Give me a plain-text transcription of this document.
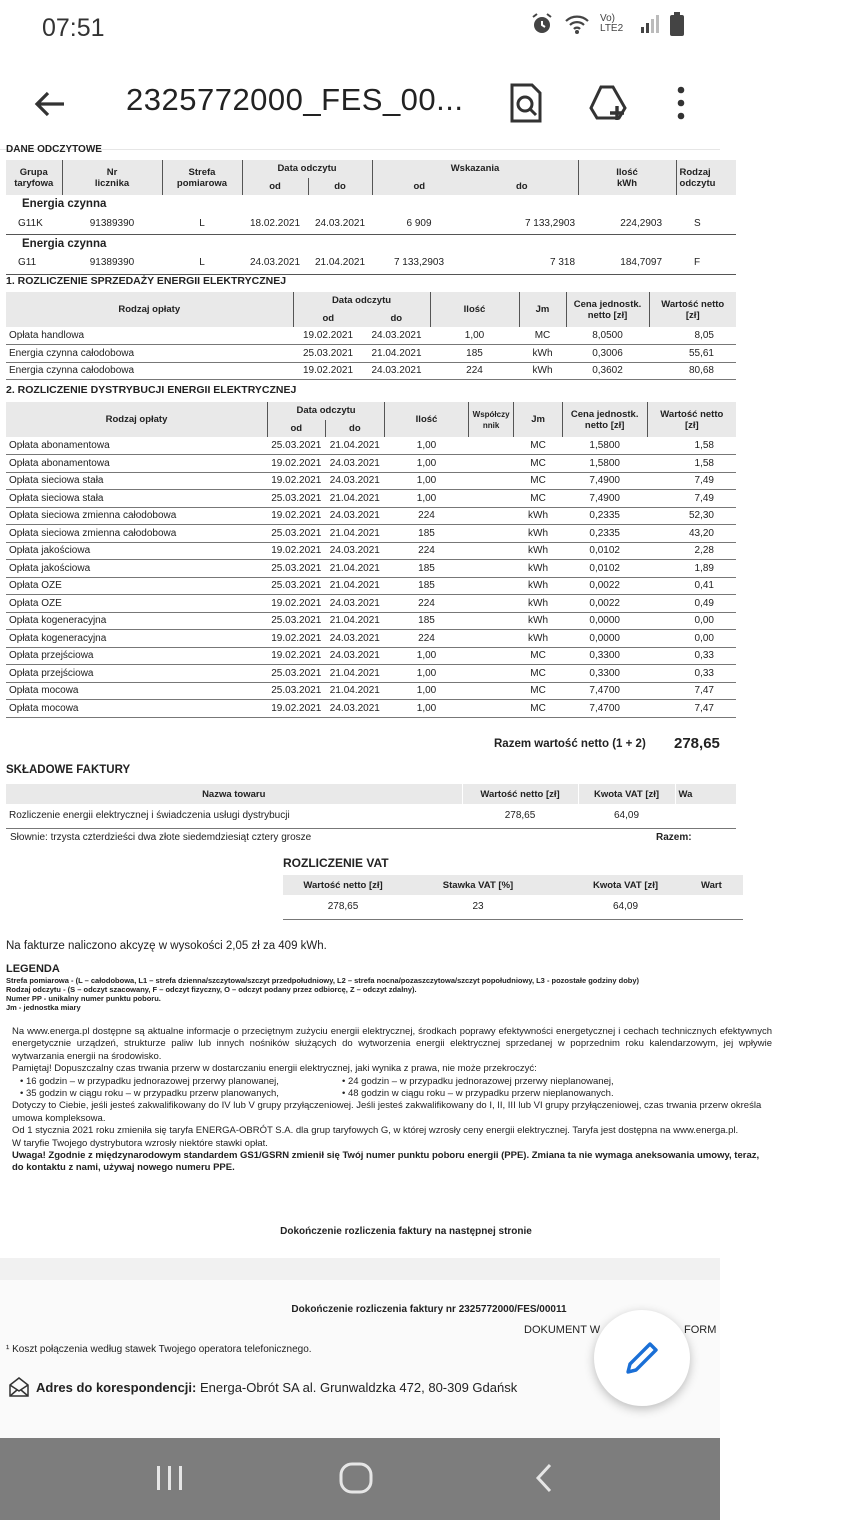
07:51	Vo) LTE2
2325772000_FES_00...
DANE ODCZYTOWE
Grupa
taryfowa	Nr
licznika	Strefa
pomiarowa	Data odczytu		Wskazania		Ilość
kWh	Rodzaj
odczytu
			od	do	od	do		
Energia czynna								
G11K	91389390	L	18.02.2021	24.03.2021	6 909	7 133,2903	224,2903	S
Energia czynna								
G11	91389390	L	24.03.2021	21.04.2021	7 133,2903	7 318	184,7097	F
1. ROZLICZENIE SPRZEDAŻY ENERGII ELEKTRYCZNEJ
Rodzaj opłaty	Data odczytu		Ilość	Jm	Cena jednostk.
netto [zł]	Wartość netto
[zł]
	od	do				
Opłata handlowa	19.02.2021	24.03.2021	1,00	MC	8,0500	8,05
Energia czynna całodobowa	25.03.2021	21.04.2021	185	kWh	0,3006	55,61
Energia czynna całodobowa	19.02.2021	24.03.2021	224	kWh	0,3602	80,68
2. ROZLICZENIE DYSTRYBUCJI ENERGII ELEKTRYCZNEJ
Rodzaj opłaty	Data odczytu		Ilość	Współczy
nnik	Jm	Cena jednostk.
netto [zł]	Wartość netto
[zł]
	od	do					
Opłata abonamentowa	25.03.2021	21.04.2021	1,00		MC	1,5800	1,58
Opłata abonamentowa	19.02.2021	24.03.2021	1,00		MC	1,5800	1,58
Opłata sieciowa stała	19.02.2021	24.03.2021	1,00		MC	7,4900	7,49
Opłata sieciowa stała	25.03.2021	21.04.2021	1,00		MC	7,4900	7,49
Opłata sieciowa zmienna całodobowa	19.02.2021	24.03.2021	224		kWh	0,2335	52,30
Opłata sieciowa zmienna całodobowa	25.03.2021	21.04.2021	185		kWh	0,2335	43,20
Opłata jakościowa	19.02.2021	24.03.2021	224		kWh	0,0102	2,28
Opłata jakościowa	25.03.2021	21.04.2021	185		kWh	0,0102	1,89
Opłata OZE	25.03.2021	21.04.2021	185		kWh	0,0022	0,41
Opłata OZE	19.02.2021	24.03.2021	224		kWh	0,0022	0,49
Opłata kogeneracyjna	25.03.2021	21.04.2021	185		kWh	0,0000	0,00
Opłata kogeneracyjna	19.02.2021	24.03.2021	224		kWh	0,0000	0,00
Opłata przejściowa	19.02.2021	24.03.2021	1,00		MC	0,3300	0,33
Opłata przejściowa	25.03.2021	21.04.2021	1,00		MC	0,3300	0,33
Opłata mocowa	25.03.2021	21.04.2021	1,00		MC	7,4700	7,47
Opłata mocowa	19.02.2021	24.03.2021	1,00		MC	7,4700	7,47
Razem wartość netto (1 + 2) 278,65
SKŁADOWE FAKTURY
Nazwa towaru	Wartość netto [zł]	Kwota VAT [zł]	Wa
Rozliczenie energii elektrycznej i świadczenia usługi dystrybucji	278,65	64,09	
Słownie: trzysta czterdzieści dwa złote siedemdziesiąt cztery grosze	Razem:
ROZLICZENIE VAT
Wartość netto [zł]	Stawka VAT [%]	Kwota VAT [zł]	Wart
278,65	23	64,09	
Na fakturze naliczono akcyzę w wysokości 2,05 zł za 409 kWh.
LEGENDA
Strefa pomiarowa - (L – całodobowa, L1 – strefa dzienna/szczytowa/szczyt przedpołudniowy, L2 – strefa nocna/pozaszczytowa/szczyt popołudniowy, L3 - pozostałe godziny doby)
Rodzaj odczytu - (S – odczyt szacowany, F – odczyt fizyczny, O – odczyt podany przez odbiorcę, Z – odczyt zdalny).
Numer PP - unikalny numer punktu poboru.
Jm - jednostka miary
Na www.energa.pl dostępne są aktualne informacje o przeciętnym zużyciu energii elektrycznej, środkach poprawy efektywności energetycznej i cechach technicznych efektywnych energetycznie urządzeń, strukturze paliw lub innych nośników służących do wytworzenia energii elektrycznej sprzedanej w poprzednim roku kalendarzowym, jej wpływie wytwarzania energii na środowisko.
Pamiętaj! Dopuszczalny czas trwania przerw w dostarczaniu energii elektrycznej, jaki wynika z prawa, nie może przekroczyć:
• 16 godzin – w przypadku jednorazowej przerwy planowanej,	• 24 godzin – w przypadku jednorazowej przerwy nieplanowanej,
• 35 godzin w ciągu roku – w przypadku przerw planowanych,	• 48 godzin w ciągu roku – w przypadku przerw nieplanowanych.
Dotyczy to Ciebie, jeśli jesteś zakwalifikowany do IV lub V grupy przyłączeniowej. Jeśli jesteś zakwalifikowany do I, II, III lub VI grupy przyłączeniowej, czas trwania przerw określa umowa kompleksowa.
Od 1 stycznia 2021 roku zmieniła się taryfa ENERGA-OBRÓT S.A. dla grup taryfowych G, w której wzrosły ceny energii elektrycznej. Taryfa jest dostępna na www.energa.pl.
W taryfie Twojego dystrybutora wzrosły niektóre stawki opłat.
Uwaga! Zgodnie z międzynarodowym standardem GS1/GSRN zmienił się Twój numer punktu poboru energii (PPE). Zmiana ta nie wymaga aneksowania umowy, teraz, do kontaktu z nami, używaj nowego numeru PPE.
Dokończenie rozliczenia faktury na następnej stronie
Dokończenie rozliczenia faktury nr 2325772000/FES/00011
DOKUMENT W	FORM
¹ Koszt połączenia według stawek Twojego operatora telefonicznego.
Adres do korespondencji: Energa-Obrót SA al. Grunwaldzka 472, 80-309 Gdańsk
